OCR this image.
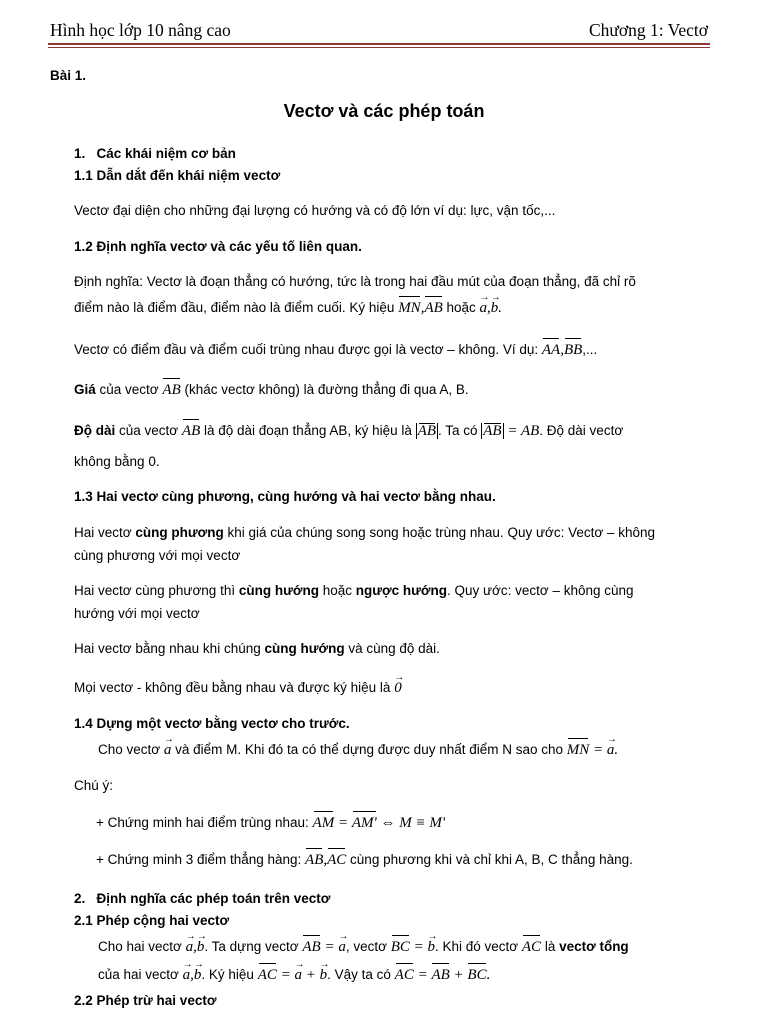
Hình học lớp 10 nâng cao	Chương 1: Vectơ
Bài 1.
Vectơ và các phép toán
1.   Các khái niệm cơ bản
1.1 Dẫn dắt đến khái niệm vectơ
Vectơ đại diện cho những đại lượng có hướng và có độ lớn ví dụ: lực, vận tốc,...
1.2 Định nghĩa vectơ và các yếu tố liên quan.
Định nghĩa: Vectơ là đoạn thẳng có hướng, tức là trong hai đầu mút của đoạn thẳng, đã chỉ rõ
điểm nào là điểm đầu, điểm nào là điểm cuối. Ký hiệu MN,AB hoặc → a,→ b.
Vectơ có điểm đầu và điểm cuối trùng nhau được gọi là vectơ – không. Ví dụ: AA,BB,...
Giá của vectơ AB (khác vectơ không) là đường thẳng đi qua A, B.
Độ dài của vectơ AB là độ dài đoạn thẳng AB, ký hiệu là AB . Ta có AB = AB. Độ dài vectơ
không bằng 0.
1.3 Hai vectơ cùng phương, cùng hướng và hai vectơ bằng nhau.
Hai vectơ cùng phương khi giá của chúng song song hoặc trùng nhau. Quy ước: Vectơ – không
cùng phương với mọi vectơ
Hai vectơ cùng phương thì cùng hướng hoặc ngược hướng. Quy ước: vectơ – không cùng
hướng với mọi vectơ
Hai vectơ bằng nhau khi chúng cùng hướng và cùng độ dài.
Mọi vectơ - không đều bằng nhau và được ký hiệu là → 0
1.4 Dựng một vectơ bằng vectơ cho trước.
Cho vectơ → a và điểm M. Khi đó ta có thể dựng được duy nhất điểm N sao cho MN = → a.
Chú ý:
+ Chứng minh hai điểm trùng nhau: AM = AM' ⇔ M ≡ M'
+ Chứng minh 3 điểm thẳng hàng: AB,AC cùng phương khi và chỉ khi A, B, C thẳng hàng.
2.   Định nghĩa các phép toán trên vectơ
2.1 Phép cộng hai vectơ
Cho hai vectơ → a,→ b. Ta dựng vectơ AB = → a, vectơ BC = → b. Khi đó vectơ AC là vectơ tổng
của hai vectơ → a,→ b. Ký hiệu AC = → a + → b. Vậy ta có AC = AB + BC.
2.2 Phép trừ hai vectơ
